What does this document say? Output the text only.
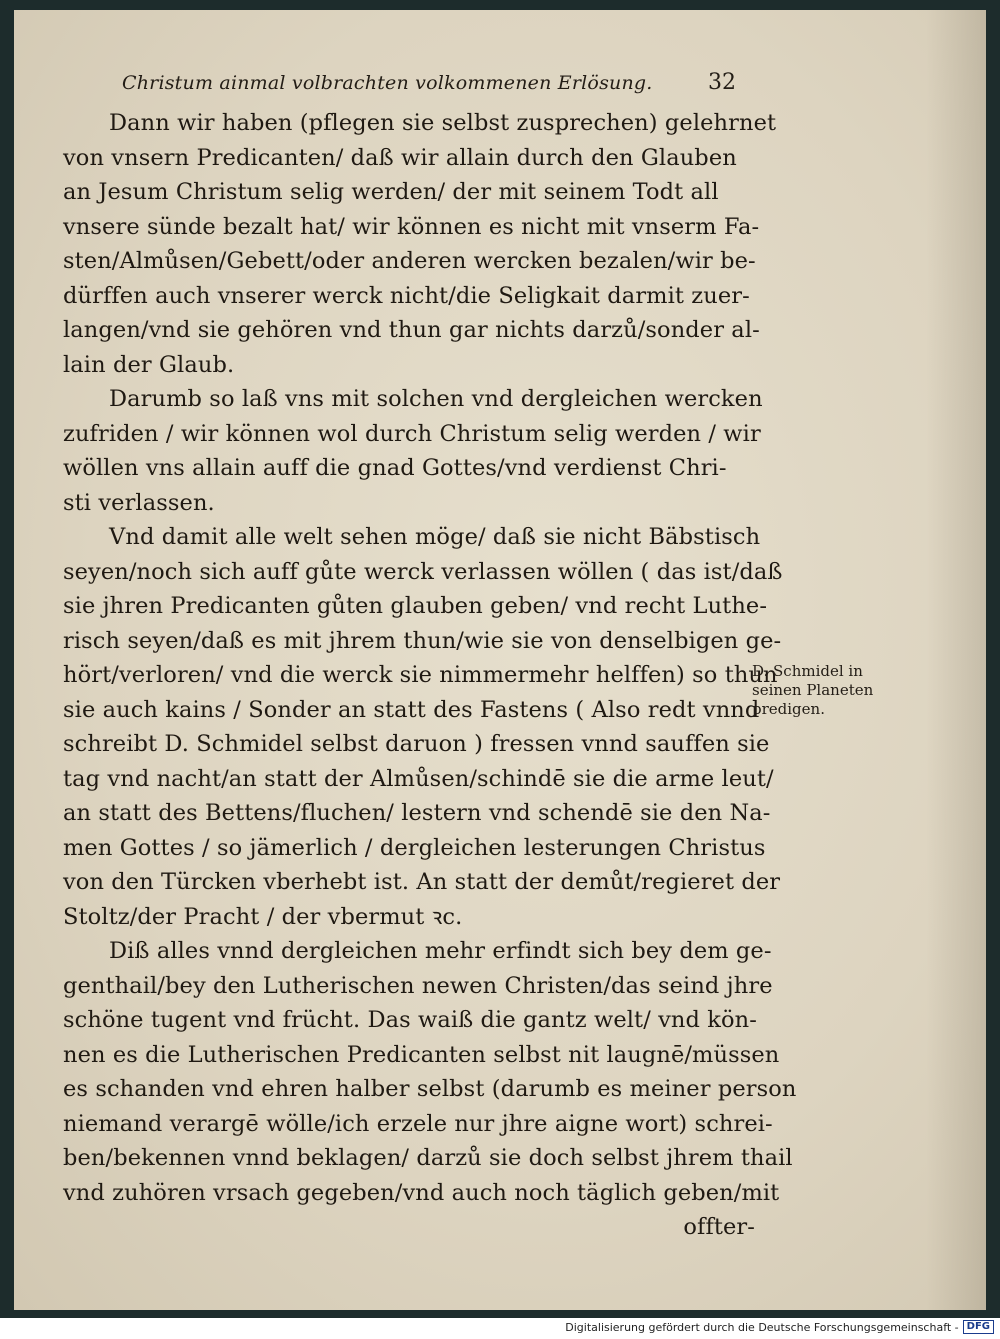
Christum ainmal volbrachten volkommenen Erlösung.	32
Dann wir haben (pflegen sie selbst zusprechen) gelehrnet
von vnsern Predicanten/ daß wir allain durch den Glauben
an Jesum Christum selig werden/ der mit seinem Todt all
vnsere sünde bezalt hat/ wir können es nicht mit vnserm Fa-
sten/Almůsen/Gebett/oder anderen wercken bezalen/wir be-
dürffen auch vnserer werck nicht/die Seligkait darmit zuer-
langen/vnd sie gehören vnd thun gar nichts darzů/sonder al-
lain der Glaub.
Darumb so laß vns mit solchen vnd dergleichen wercken
zufriden / wir können wol durch Christum selig werden / wir
wöllen vns allain auff die gnad Gottes/vnd verdienst Chri-
sti verlassen.
Vnd damit alle welt sehen möge/ daß sie nicht Bäbstisch
seyen/noch sich auff gůte werck verlassen wöllen ( das ist/daß
sie jhren Predicanten gůten glauben geben/ vnd recht Luthe-
risch seyen/daß es mit jhrem thun/wie sie von denselbigen ge-
hört/verloren/ vnd die werck sie nimmermehr helffen) so thun
sie auch kains / Sonder an statt des Fastens ( Also redt vnnd
schreibt D. Schmidel selbst daruon ) fressen vnnd sauffen sie
tag vnd nacht/an statt der Almůsen/schindē sie die arme leut/
an statt des Bettens/fluchen/ lestern vnd schendē sie den Na-
men Gottes / so jämerlich / dergleichen lesterungen Christus
von den Türcken vberhebt ist. An statt der demůt/regieret der
Stoltz/der Pracht / der vbermut ꝛc.
Diß alles vnnd dergleichen mehr erfindt sich bey dem ge-
genthail/bey den Lutherischen newen Christen/das seind jhre
schöne tugent vnd frücht. Das waiß die gantz welt/ vnd kön-
nen es die Lutherischen Predicanten selbst nit laugnē/müssen
es schanden vnd ehren halber selbst (darumb es meiner person
niemand verargē wölle/ich erzele nur jhre aigne wort) schrei-
ben/bekennen vnnd beklagen/ darzů sie doch selbst jhrem thail
vnd zuhören vrsach gegeben/vnd auch noch täglich geben/mit
offter-
D. Schmidel in
seinen Planeten
predigen.
Digitalisierung gefördert durch die Deutsche Forschungsgemeinschaft - DFG
